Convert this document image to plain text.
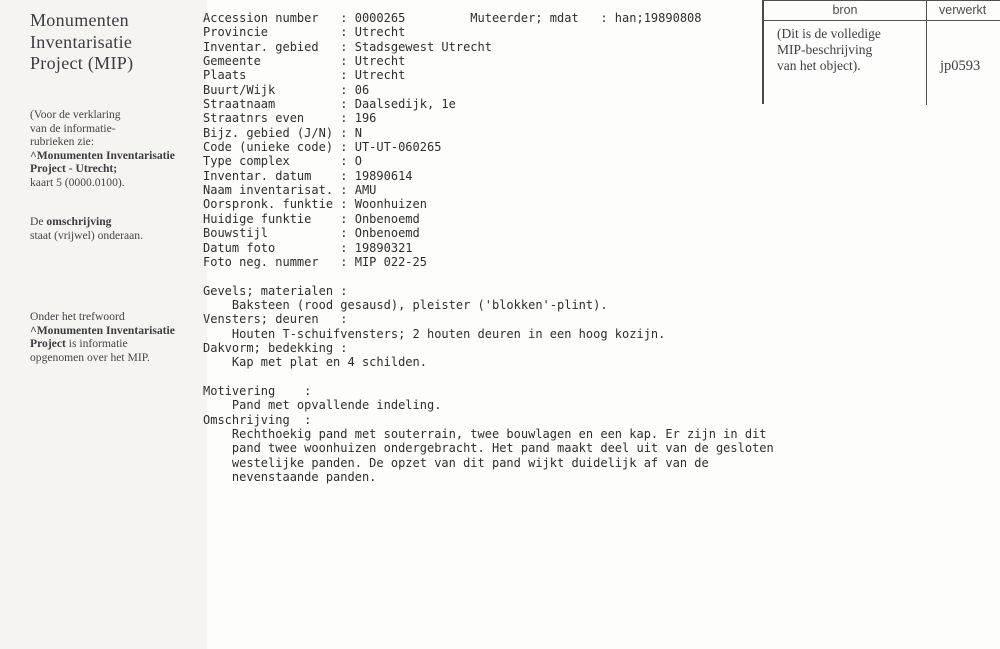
Monumenten
Inventarisatie
Project (MIP)
(Voor de verklaring
van de informatie-
rubrieken zie:
^Monumenten Inventarisatie
Project - Utrecht;
kaart 5 (0000.0100).
De omschrijving
staat (vrijwel) onderaan.
Onder het trefwoord
^Monumenten Inventarisatie
Project is informatie
opgenomen over het MIP.
Accession number   : 0000265         Muteerder; mdat   : han;19890808
Provincie          : Utrecht
Inventar. gebied   : Stadsgewest Utrecht
Gemeente           : Utrecht
Plaats             : Utrecht
Buurt/Wijk         : 06
Straatnaam         : Daalsedijk, 1e
Straatnrs even     : 196
Bijz. gebied (J/N) : N
Code (unieke code) : UT-UT-060265
Type complex       : O
Inventar. datum    : 19890614
Naam inventarisat. : AMU
Oorspronk. funktie : Woonhuizen
Huidige funktie    : Onbenoemd
Bouwstijl          : Onbenoemd
Datum foto         : 19890321
Foto neg. nummer   : MIP 022-25

Gevels; materialen :
Baksteen (rood gesausd), pleister ('blokken'-plint).
Vensters; deuren   :
Houten T-schuifvensters; 2 houten deuren in een hoog kozijn.
Dakvorm; bedekking :
Kap met plat en 4 schilden.

Motivering    :
Pand met opvallende indeling.
Omschrijving  :
Rechthoekig pand met souterrain, twee bouwlagen en een kap. Er zijn in dit
pand twee woonhuizen ondergebracht. Het pand maakt deel uit van de gesloten
westelijke panden. De opzet van dit pand wijkt duidelijk af van de
nevenstaande panden.
bron	verwerkt
(Dit is de volledige
MIP-beschrijving
van het object).	jp0593
